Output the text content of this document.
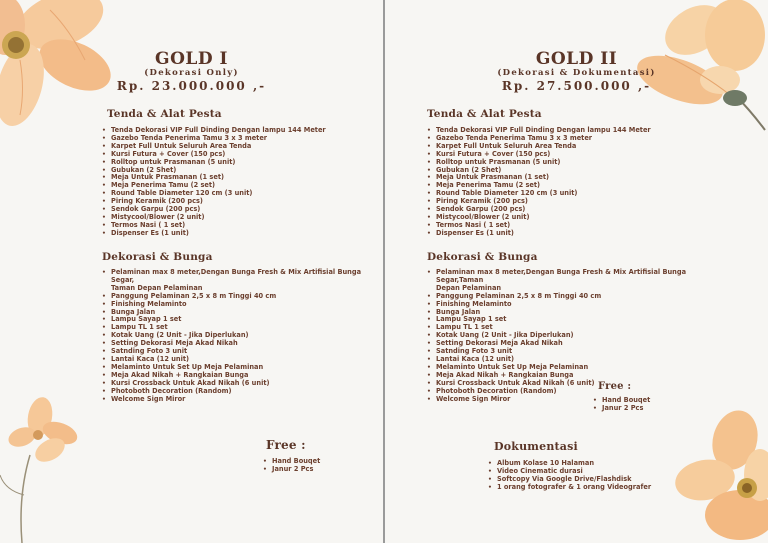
GOLD I
(Dekorasi Only)
Rp. 23.000.000 ,-
Tenda & Alat Pesta
• Tenda Dekorasi VIP Full Dinding Dengan lampu 144 Meter
• Gazebo Tenda Penerima Tamu 3 x 3 meter
• Karpet Full Untuk Seluruh Area Tenda
• Kursi Futura + Cover (150 pcs)
• Rolltop untuk Prasmanan (5 unit)
• Gubukan (2 Shet)
• Meja Untuk Prasmanan (1 set)
• Meja Penerima Tamu (2 set)
• Round Table Diameter 120 cm (3 unit)
• Piring Keramik (200 pcs)
• Sendok Garpu (200 pcs)
• Mistycool/Blower (2 unit)
• Termos Nasi ( 1 set)
• Dispenser Es (1 unit)
Dekorasi & Bunga
• Pelaminan max 8 meter,Dengan Bunga Fresh & Mix Artifisial Bunga Segar,
Taman Depan Pelaminan
• Panggung Pelaminan 2,5 x 8 m Tinggi 40 cm
• Finishing Melaminto
• Bunga Jalan
• Lampu Sayap 1 set
• Lampu TL 1 set
• Kotak Uang (2 Unit - Jika Diperlukan)
• Setting Dekorasi Meja Akad Nikah
• Satnding Foto 3 unit
• Lantai Kaca (12 unit)
• Melaminto Untuk Set Up Meja Pelaminan
• Meja Akad Nikah + Rangkaian Bunga
• Kursi Crossback Untuk Akad Nikah (6 unit)
• Photoboth Decoration (Random)
• Welcome Sign Miror
Free :
• Hand Bouqet
• Janur 2 Pcs
GOLD II
(Dekorasi & Dokumentasi)
Rp. 27.500.000 ,-
Tenda & Alat Pesta
• Tenda Dekorasi VIP Full Dinding Dengan lampu 144 Meter
• Gazebo Tenda Penerima Tamu 3 x 3 meter
• Karpet Full Untuk Seluruh Area Tenda
• Kursi Futura + Cover (150 pcs)
• Rolltop untuk Prasmanan (5 unit)
• Gubukan (2 Shet)
• Meja Untuk Prasmanan (1 set)
• Meja Penerima Tamu (2 set)
• Round Table Diameter 120 cm (3 unit)
• Piring Keramik (200 pcs)
• Sendok Garpu (200 pcs)
• Mistycool/Blower (2 unit)
• Termos Nasi ( 1 set)
• Dispenser Es (1 unit)
Dekorasi & Bunga
• Pelaminan max 8 meter,Dengan Bunga Fresh & Mix Artifisial Bunga Segar,Taman
Depan Pelaminan
• Panggung Pelaminan 2,5 x 8 m Tinggi 40 cm
• Finishing Melaminto
• Bunga Jalan
• Lampu Sayap 1 set
• Lampu TL 1 set
• Kotak Uang (2 Unit - Jika Diperlukan)
• Setting Dekorasi Meja Akad Nikah
• Satnding Foto 3 unit
• Lantai Kaca (12 unit)
• Melaminto Untuk Set Up Meja Pelaminan
• Meja Akad Nikah + Rangkaian Bunga
• Kursi Crossback Untuk Akad Nikah (6 unit)
• Photoboth Decoration (Random)
• Welcome Sign Miror
Free :
• Hand Bouqet
• Janur 2 Pcs
Dokumentasi
• Album Kolase 10 Halaman
• Video Cinematic durasi
• Softcopy Via Google Drive/Flashdisk
• 1 orang fotografer & 1 orang Videografer
